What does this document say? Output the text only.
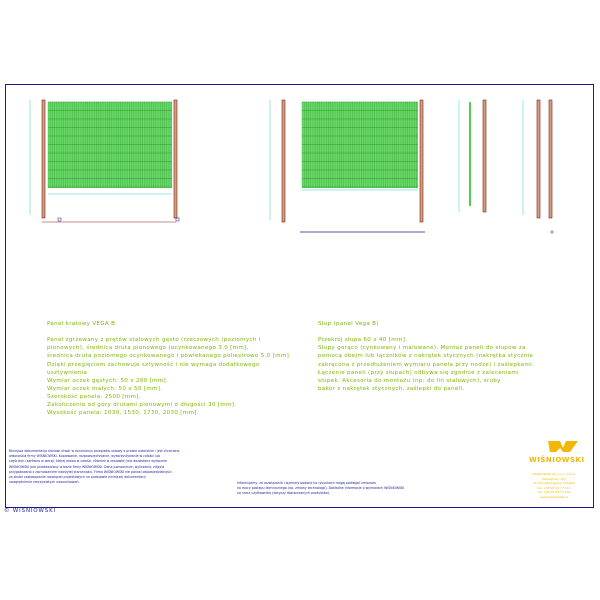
Panel kratowy VEGA B

Panel zgrzewany z prętów stalowych gęsto (rzeczowych (poziomych i
pionowych), średnica druta pionowego (ocynkowanego 3.0 [mm],
średnica druta poziomego ocynkowanego i powlekanego poliestrowo 5.0 [mm].
Dzięki przegięciom zachowuje sztywność i nie wymaga dodatkowego
usztywnienia.
Wymiar oczek gęstych: 50 x 200 [mm].
Wymiar oczek małych: 50 x 50 [mm].
Szerokość panela: 2500 [mm].
Zakończenie od góry drutami pionowymi o długości 30 [mm].
Wysokość panela: 1030, 1530, 1730, 2030 [mm].

Słup (panel Vega B)

Przekrój słupa 60 x 40 [mm].
Słupy gorąco (cynkowany i malowane). Montaż paneli do słupów za
pomocą obejm lub łączników z nakrętek stycznych (nakrętka stycznie
zakręcona z przedłużeniem wymiaru panela przy nodze) i zaślepkami.
Łączenie paneli (przy słupach) odbywa się zgodnie z zaleceniami
słupek. Akcesoria do montażu (np: do lin stalowych), śruby
bakor z nakrętek stycznych, zaślepki do paneli.

Niniejsza dokumentacja stanowi utwór w rozumieniu przepisów ustawy o prawie autorskim i jest chroniona
własnością firmy WIŚNIOWSKI. Kopiowanie, rozpowszechnianie, wykorzystywanie w całości lub
częściach (zarówno w wersji, której mowa w całości, również w zestawie) jest dozwolone wyłącznie
WIŚNIOWSKI jest przetwarzany w bazie firmy WIŚNIOWSKI. Dane pomocnicze, wyliczenia, zdjęcia
przygotowano z zachowaniem należytej staranności. Firma WIŚNIOWSKI nie ponosi odpowiedzialności
za skutki zastosowania rozwiązań projektowych na podstawie niniejszej dokumentacji
uwzględnienie rzeczywistych uwarunkowań.	Informujemy, że rozwiązania i wymiary podane na rysunkach mogą podlegać zmianom
na mocy postępu technicznego (np. zmiany technologii). Dokładne informacje o wymiarach WIŚNIOWSKI
na rzecz użytkownika (dotyczy dostarczanych produktów).
WIŚNIOWSKI
WIŚNIOWSKI Sp. z o.o. S.K.A.
Wielogłowy 153
33-311 Wielogłowy, POLSKA
tel. +48 18 44 77 111
fax +48 18 44 77 190
www.wisniowski.pl
© WIŚNIOWSKI
